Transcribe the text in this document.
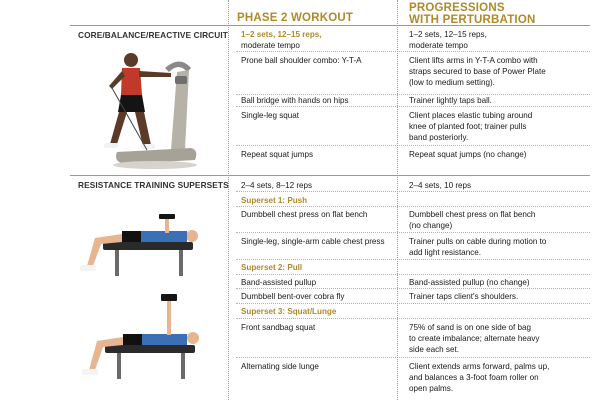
PHASE 2 WORKOUT
PROGRESSIONS
WITH PERTURBATION
CORE/BALANCE/REACTIVE CIRCUIT
RESISTANCE TRAINING SUPERSETS
1–2 sets, 12–15 reps,
moderate tempo
Prone ball shoulder combo: Y-T-A
Ball bridge with hands on hips
Single-leg squat
Repeat squat jumps
1–2 sets, 12–15 reps,
moderate tempo
Client lifts arms in Y-T-A combo with
straps secured to base of Power Plate
(low to medium setting).
Trainer lightly taps ball.
Client places elastic tubing around
knee of planted foot; trainer pulls
band posteriorly.
Repeat squat jumps (no change)
2–4 sets, 8–12 reps
Superset 1: Push
Dumbbell chest press on flat bench
Single-leg, single-arm cable chest press
Superset 2: Pull
Band-assisted pullup
Dumbbell bent-over cobra fly
Superset 3: Squat/Lunge
Front sandbag squat
Alternating side lunge
2–4 sets, 10 reps
Dumbbell chest press on flat bench
(no change)
Trainer pulls on cable during motion to
add light resistance.
Band-assisted pullup (no change)
Trainer taps client's shoulders.
75% of sand is on one side of bag
to create imbalance; alternate heavy
side each set.
Client extends arms forward, palms up,
and balances a 3-foot foam roller on
open palms.
